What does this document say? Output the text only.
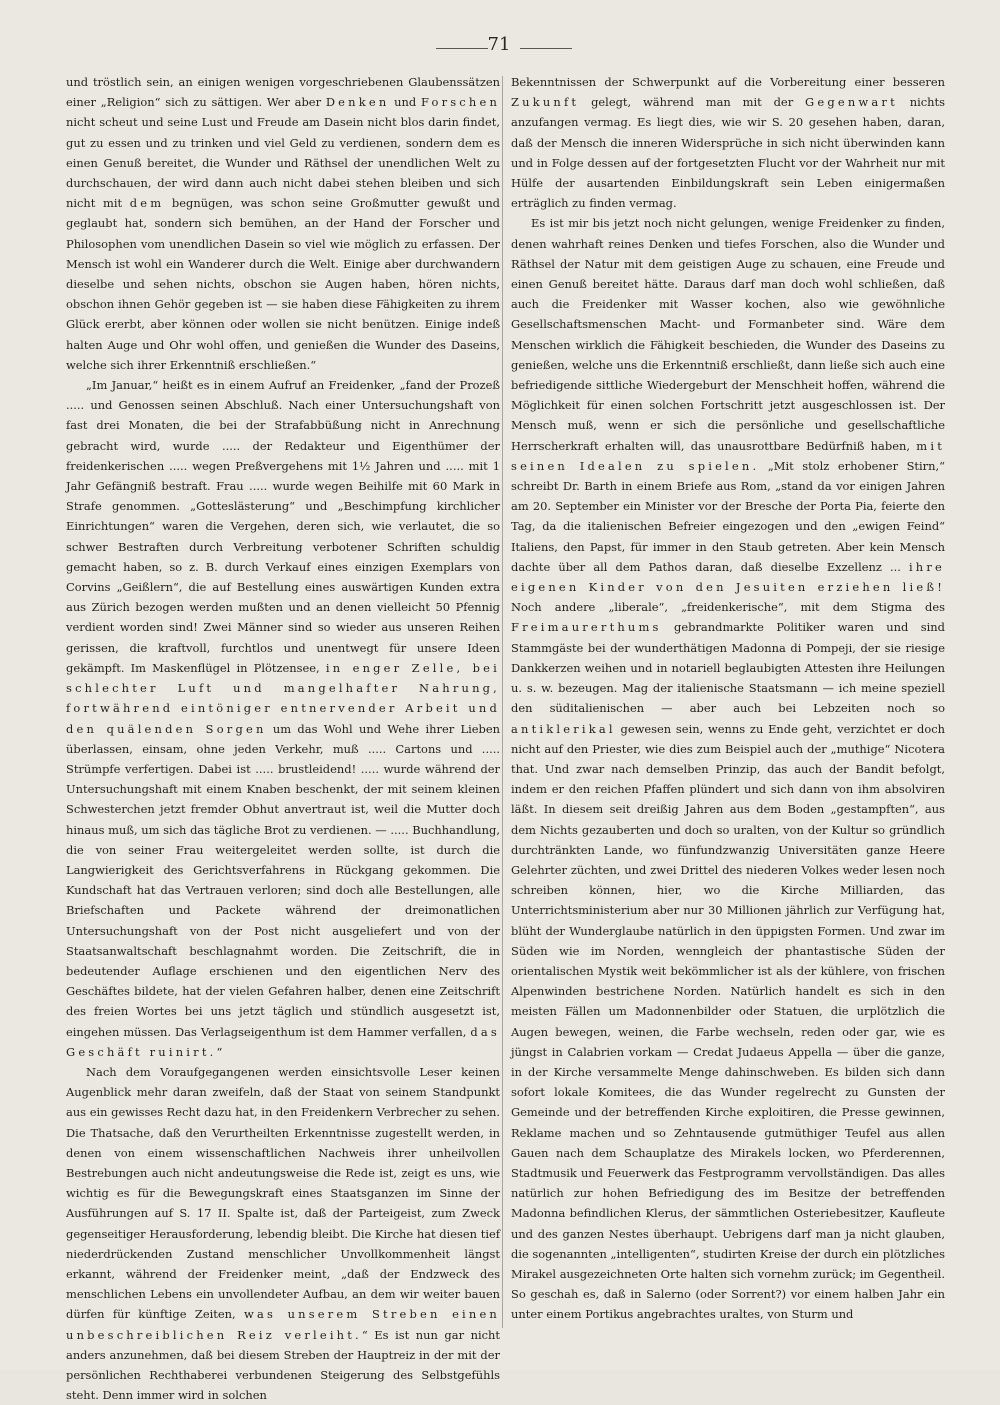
71

und tröstlich sein, an einigen wenigen vorgeschriebenen Glaubenssätzen einer „Religion“ sich zu sättigen. Wer aber Denken und Forschen nicht scheut und seine Lust und Freude am Dasein nicht blos darin findet, gut zu essen und zu trinken und viel Geld zu verdienen, sondern dem es einen Genuß bereitet, die Wunder und Räthsel der unendlichen Welt zu durchschauen, der wird dann auch nicht dabei stehen bleiben und sich nicht mit dem begnügen, was schon seine Großmutter gewußt und geglaubt hat, sondern sich bemühen, an der Hand der Forscher und Philosophen vom unendlichen Dasein so viel wie möglich zu erfassen. Der Mensch ist wohl ein Wanderer durch die Welt. Einige aber durchwandern dieselbe und sehen nichts, obschon sie Augen haben, hören nichts, obschon ihnen Gehör gegeben ist — sie haben diese Fähigkeiten zu ihrem Glück ererbt, aber können oder wollen sie nicht benützen. Einige indeß halten Auge und Ohr wohl offen, und genießen die Wunder des Daseins, welche sich ihrer Erkenntniß erschließen.“

„Im Januar,“ heißt es in einem Aufruf an Freidenker, „fand der Prozeß ..... und Genossen seinen Abschluß. Nach einer Untersuchungshaft von fast drei Monaten, die bei der Strafabbüßung nicht in Anrechnung gebracht wird, wurde ..... der Redakteur und Eigenthümer der freidenkerischen ..... wegen Preßvergehens mit 1½ Jahren und ..... mit 1 Jahr Gefängniß bestraft. Frau ..... wurde wegen Beihilfe mit 60 Mark in Strafe genommen. „Gotteslästerung“ und „Beschimpfung kirchlicher Einrichtungen“ waren die Vergehen, deren sich, wie verlautet, die so schwer Bestraften durch Verbreitung verbotener Schriften schuldig gemacht haben, so z. B. durch Verkauf eines einzigen Exemplars von Corvins „Geißlern“, die auf Bestellung eines auswärtigen Kunden extra aus Zürich bezogen werden mußten und an denen vielleicht 50 Pfennig verdient worden sind! Zwei Männer sind so wieder aus unseren Reihen gerissen, die kraftvoll, furchtlos und unentwegt für unsere Ideen gekämpft. Im Maskenflügel in Plötzensee, in enger Zelle, bei schlechter Luft und mangelhafter Nahrung, fortwährend eintöniger entnervender Arbeit und den quälenden Sorgen um das Wohl und Wehe ihrer Lieben überlassen, einsam, ohne jeden Verkehr, muß ..... Cartons und ..... Strümpfe verfertigen. Dabei ist ..... brustleidend! ..... wurde während der Untersuchungshaft mit einem Knaben beschenkt, der mit seinem kleinen Schwesterchen jetzt fremder Obhut anvertraut ist, weil die Mutter doch hinaus muß, um sich das tägliche Brot zu verdienen. — ..... Buchhandlung, die von seiner Frau weitergeleitet werden sollte, ist durch die Langwierigkeit des Gerichtsverfahrens in Rückgang gekommen. Die Kundschaft hat das Vertrauen verloren; sind doch alle Bestellungen, alle Briefschaften und Packete während der dreimonatlichen Untersuchungshaft von der Post nicht ausgeliefert und von der Staatsanwaltschaft beschlagnahmt worden. Die Zeitschrift, die in bedeutender Auflage erschienen und den eigentlichen Nerv des Geschäftes bildete, hat der vielen Gefahren halber, denen eine Zeitschrift des freien Wortes bei uns jetzt täglich und stündlich ausgesetzt ist, eingehen müssen. Das Verlagseigenthum ist dem Hammer verfallen, das Geschäft ruinirt.“

Nach dem Voraufgegangenen werden einsichtsvolle Leser keinen Augenblick mehr daran zweifeln, daß der Staat von seinem Standpunkt aus ein gewisses Recht dazu hat, in den Freidenkern Verbrecher zu sehen. Die Thatsache, daß den Verurtheilten Erkenntnisse zugestellt werden, in denen von einem wissenschaftlichen Nachweis ihrer unheilvollen Bestrebungen auch nicht andeutungsweise die Rede ist, zeigt es uns, wie wichtig es für die Bewegungskraft eines Staatsganzen im Sinne der Ausführungen auf S. 17 II. Spalte ist, daß der Parteigeist, zum Zweck gegenseitiger Herausforderung, lebendig bleibt. Die Kirche hat diesen tief niederdrückenden Zustand menschlicher Unvollkommenheit längst erkannt, während der Freidenker meint, „daß der Endzweck des menschlichen Lebens ein unvollendeter Aufbau, an dem wir weiter bauen dürfen für künftige Zeiten, was unserem Streben einen unbeschreiblichen Reiz verleiht.“ Es ist nun gar nicht anders anzunehmen, daß bei diesem Streben der Hauptreiz in der mit der persönlichen Rechthaberei verbundenen Steigerung des Selbstgefühls steht. Denn immer wird in solchen

Bekenntnissen der Schwerpunkt auf die Vorbereitung einer besseren Zukunft gelegt, während man mit der Gegenwart nichts anzufangen vermag. Es liegt dies, wie wir S. 20 gesehen haben, daran, daß der Mensch die inneren Widersprüche in sich nicht überwinden kann und in Folge dessen auf der fortgesetzten Flucht vor der Wahrheit nur mit Hülfe der ausartenden Einbildungskraft sein Leben einigermaßen erträglich zu finden vermag.

Es ist mir bis jetzt noch nicht gelungen, wenige Freidenker zu finden, denen wahrhaft reines Denken und tiefes Forschen, also die Wunder und Räthsel der Natur mit dem geistigen Auge zu schauen, eine Freude und einen Genuß bereitet hätte. Daraus darf man doch wohl schließen, daß auch die Freidenker mit Wasser kochen, also wie gewöhnliche Gesellschaftsmenschen Macht- und Formanbeter sind. Wäre dem Menschen wirklich die Fähigkeit beschieden, die Wunder des Daseins zu genießen, welche uns die Erkenntniß erschließt, dann ließe sich auch eine befriedigende sittliche Wiedergeburt der Menschheit hoffen, während die Möglichkeit für einen solchen Fortschritt jetzt ausgeschlossen ist. Der Mensch muß, wenn er sich die persönliche und gesellschaftliche Herrscherkraft erhalten will, das unausrottbare Bedürfniß haben, mit seinen Idealen zu spielen. „Mit stolz erhobener Stirn,“ schreibt Dr. Barth in einem Briefe aus Rom, „stand da vor einigen Jahren am 20. September ein Minister vor der Bresche der Porta Pia, feierte den Tag, da die italienischen Befreier eingezogen und den „ewigen Feind“ Italiens, den Papst, für immer in den Staub getreten. Aber kein Mensch dachte über all dem Pathos daran, daß dieselbe Exzellenz ... ihre eigenen Kinder von den Jesuiten erziehen ließ! Noch andere „liberale“, „freidenkerische“, mit dem Stigma des Freimaurerthums gebrandmarkte Politiker waren und sind Stammgäste bei der wunderthätigen Madonna di Pompeji, der sie riesige Dankkerzen weihen und in notariell beglaubigten Attesten ihre Heilungen u. s. w. bezeugen. Mag der italienische Staatsmann — ich meine speziell den süditalienischen — aber auch bei Lebzeiten noch so antiklerikal gewesen sein, wenns zu Ende geht, verzichtet er doch nicht auf den Priester, wie dies zum Beispiel auch der „muthige“ Nicotera that. Und zwar nach demselben Prinzip, das auch der Bandit befolgt, indem er den reichen Pfaffen plündert und sich dann von ihm absolviren läßt. In diesem seit dreißig Jahren aus dem Boden „gestampften“, aus dem Nichts gezauberten und doch so uralten, von der Kultur so gründlich durchtränkten Lande, wo fünfundzwanzig Universitäten ganze Heere Gelehrter züchten, und zwei Drittel des niederen Volkes weder lesen noch schreiben können, hier, wo die Kirche Milliarden, das Unterrichtsministerium aber nur 30 Millionen jährlich zur Verfügung hat, blüht der Wunderglaube natürlich in den üppigsten Formen. Und zwar im Süden wie im Norden, wenngleich der phantastische Süden der orientalischen Mystik weit bekömmlicher ist als der kühlere, von frischen Alpenwinden bestrichene Norden. Natürlich handelt es sich in den meisten Fällen um Madonnenbilder oder Statuen, die urplötzlich die Augen bewegen, weinen, die Farbe wechseln, reden oder gar, wie es jüngst in Calabrien vorkam — Credat Judaeus Appella — über die ganze, in der Kirche versammelte Menge dahinschweben. Es bilden sich dann sofort lokale Komitees, die das Wunder regelrecht zu Gunsten der Gemeinde und der betreffenden Kirche exploitiren, die Presse gewinnen, Reklame machen und so Zehntausende gutmüthiger Teufel aus allen Gauen nach dem Schauplatze des Mirakels locken, wo Pferderennen, Stadtmusik und Feuerwerk das Festprogramm vervollständigen. Das alles natürlich zur hohen Befriedigung des im Besitze der betreffenden Madonna befindlichen Klerus, der sämmtlichen Osteriebesitzer, Kaufleute und des ganzen Nestes überhaupt. Uebrigens darf man ja nicht glauben, die sogenannten „intelligenten“, studirten Kreise der durch ein plötzliches Mirakel ausgezeichneten Orte halten sich vornehm zurück; im Gegentheil. So geschah es, daß in Salerno (oder Sorrent?) vor einem halben Jahr ein unter einem Portikus angebrachtes uraltes, von Sturm und
